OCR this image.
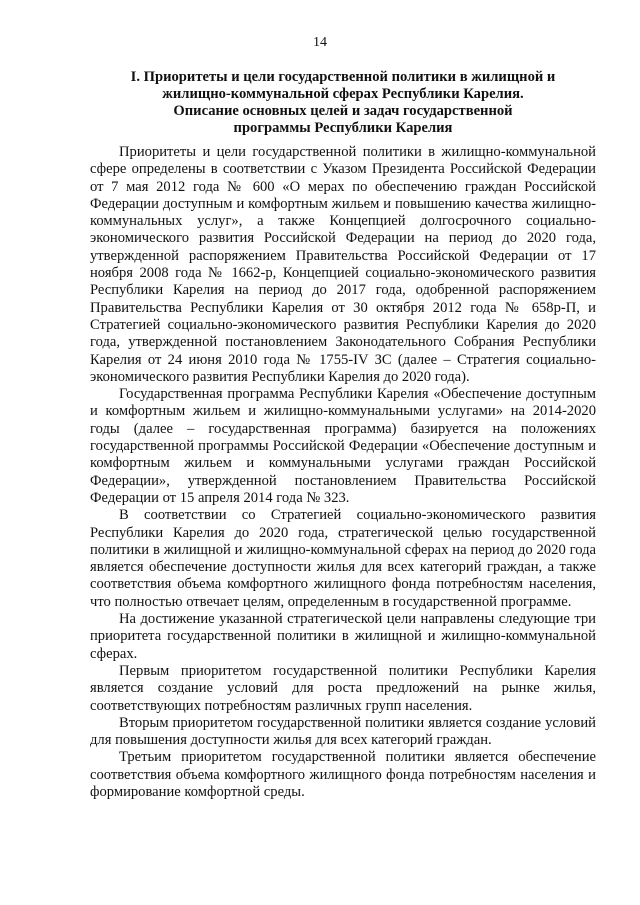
14
I. Приоритеты и цели государственной политики в жилищной и
жилищно-коммунальной сферах Республики Карелия.
Описание основных целей и задач государственной
программы Республики Карелия

Приоритеты и цели государственной политики в жилищно-коммунальной сфере определены в соответствии с Указом Президента Российской Федерации от 7 мая 2012 года № 600 «О мерах по обеспечению граждан Российской Федерации доступным и комфортным жильем и повышению качества жилищно-коммунальных услуг», а также Концепцией долгосрочного социально-экономического развития Российской Федерации на период до 2020 года, утвержденной распоряжением Правительства Российской Федерации от 17 ноября 2008 года № 1662-р, Концепцией социально-экономического развития Республики Карелия на период до 2017 года, одобренной распоряжением Правительства Республики Карелия от 30 октября 2012 года № 658р-П, и Стратегией социально-экономического развития Республики Карелия до 2020 года, утвержденной постановлением Законодательного Собрания Республики Карелия от 24 июня 2010 года № 1755-IV ЗС (далее – Стратегия социально-экономического развития Республики Карелия до 2020 года).

Государственная программа Республики Карелия «Обеспечение доступным и комфортным жильем и жилищно-коммунальными услугами» на 2014-2020 годы (далее – государственная программа) базируется на положениях государственной программы Российской Федерации «Обеспечение доступным и комфортным жильем и коммунальными услугами граждан Российской Федерации», утвержденной постановлением Правительства Российской Федерации от 15 апреля 2014 года № 323.

В соответствии со Стратегией социально-экономического развития Республики Карелия до 2020 года, стратегической целью государственной политики в жилищной и жилищно-коммунальной сферах на период до 2020 года является обеспечение доступности жилья для всех категорий граждан, а также соответствия объема комфортного жилищного фонда потребностям населения, что полностью отвечает целям, определенным в государственной программе.

На достижение указанной стратегической цели направлены следующие три приоритета государственной политики в жилищной и жилищно-коммунальной сферах.

Первым приоритетом государственной политики Республики Карелия является создание условий для роста предложений на рынке жилья, соответствующих потребностям различных групп населения.

Вторым приоритетом государственной политики является создание условий для повышения доступности жилья для всех категорий граждан.

Третьим приоритетом государственной политики является обеспечение соответствия объема комфортного жилищного фонда потребностям населения и формирование комфортной среды.
